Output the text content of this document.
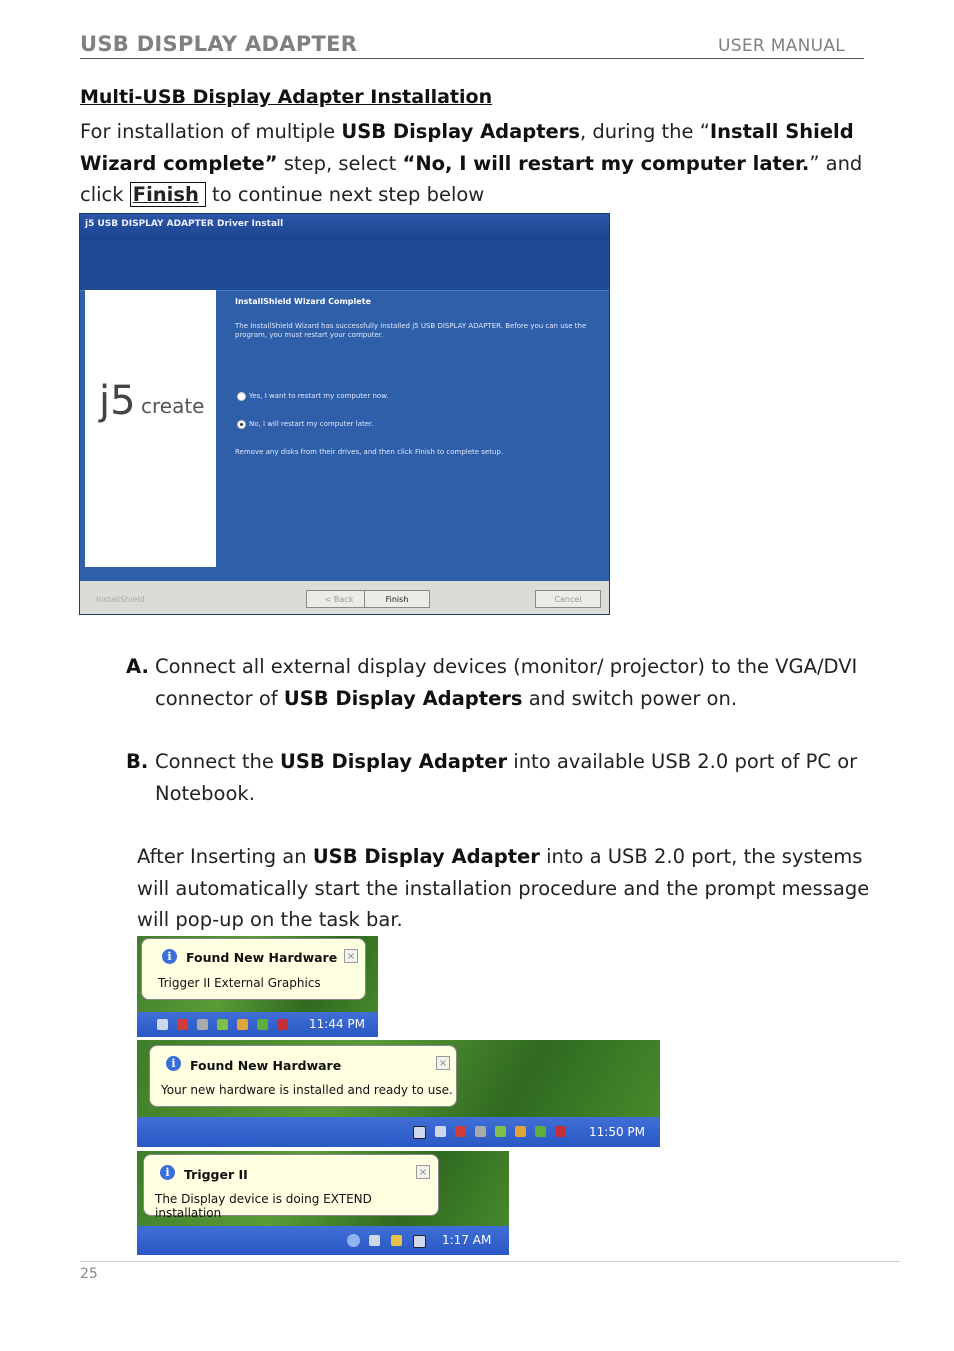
USB DISPLAY ADAPTER	USER MANUAL
Multi-USB Display Adapter Installation
For installation of multiple USB Display Adapters, during the “Install Shield Wizard complete” step, select “No, I will restart my computer later.” and click Finish to continue next step below
j5 USB DISPLAY ADAPTER Driver Install
j5 create
InstallShield Wizard Complete
The InstallShield Wizard has successfully installed j5 USB DISPLAY ADAPTER. Before you can use the program, you must restart your computer.
Yes, I want to restart my computer now.
No, I will restart my computer later.
Remove any disks from their drives, and then click Finish to complete setup.
InstallShield	< Back	Finish	Cancel
A. Connect all external display devices (monitor/ projector) to the VGA/DVI connector of USB Display Adapters and switch power on.
B. Connect the USB Display Adapter into available USB 2.0 port of PC or Notebook.
After Inserting an USB Display Adapter into a USB 2.0 port, the systems will automatically start the installation procedure and the prompt message will pop-up on the task bar.
i	Found New Hardware
Trigger II External Graphics
×
11:44 PM
i	Found New Hardware
Your new hardware is installed and ready to use.
×
11:50 PM
i	Trigger II
The Display device is doing EXTEND installation
×
1:17 AM
25
